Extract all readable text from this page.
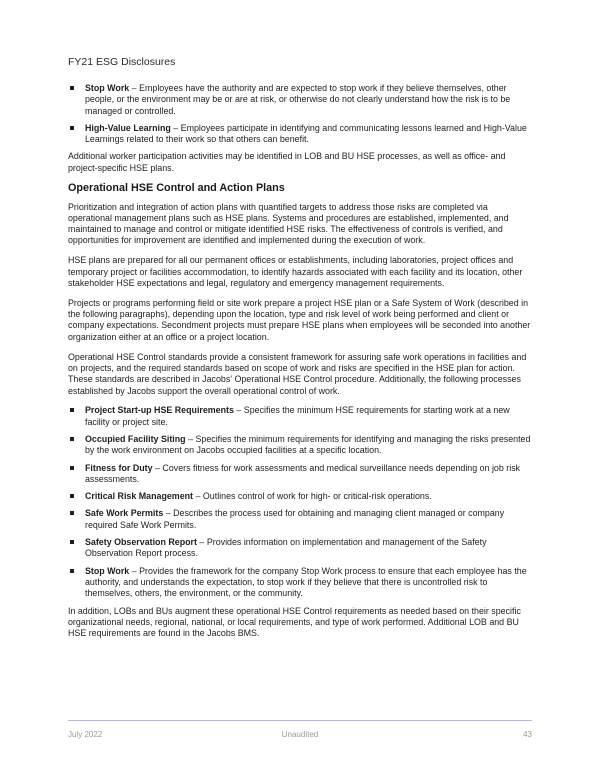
FY21 ESG Disclosures
Stop Work – Employees have the authority and are expected to stop work if they believe themselves, other people, or the environment may be or are at risk, or otherwise do not clearly understand how the risk is to be managed or controlled.
High-Value Learning – Employees participate in identifying and communicating lessons learned and High-Value Learnings related to their work so that others can benefit.

Additional worker participation activities may be identified in LOB and BU HSE processes, as well as office- and project-specific HSE plans.

Operational HSE Control and Action Plans

Prioritization and integration of action plans with quantified targets to address those risks are completed via operational management plans such as HSE plans. Systems and procedures are established, implemented, and maintained to manage and control or mitigate identified HSE risks. The effectiveness of controls is verified, and opportunities for improvement are identified and implemented during the execution of work.

HSE plans are prepared for all our permanent offices or establishments, including laboratories, project offices and temporary project or facilities accommodation, to identify hazards associated with each facility and its location, other stakeholder HSE expectations and legal, regulatory and emergency management requirements.

Projects or programs performing field or site work prepare a project HSE plan or a Safe System of Work (described in the following paragraphs), depending upon the location, type and risk level of work being performed and client or company expectations. Secondment projects must prepare HSE plans when employees will be seconded into another organization either at an office or a project location.

Operational HSE Control standards provide a consistent framework for assuring safe work operations in facilities and on projects, and the required standards based on scope of work and risks are specified in the HSE plan for action. These standards are described in Jacobs' Operational HSE Control procedure. Additionally, the following processes established by Jacobs support the overall operational control of work.

Project Start-up HSE Requirements – Specifies the minimum HSE requirements for starting work at a new facility or project site.
Occupied Facility Siting – Specifies the minimum requirements for identifying and managing the risks presented by the work environment on Jacobs occupied facilities at a specific location.
Fitness for Duty – Covers fitness for work assessments and medical surveillance needs depending on job risk assessments.
Critical Risk Management – Outlines control of work for high- or critical-risk operations.
Safe Work Permits – Describes the process used for obtaining and managing client managed or company required Safe Work Permits.
Safety Observation Report – Provides information on implementation and management of the Safety Observation Report process.
Stop Work – Provides the framework for the company Stop Work process to ensure that each employee has the authority, and understands the expectation, to stop work if they believe that there is uncontrolled risk to themselves, others, the environment, or the community.

In addition, LOBs and BUs augment these operational HSE Control requirements as needed based on their specific organizational needs, regional, national, or local requirements, and type of work performed. Additional LOB and BU HSE requirements are found in the Jacobs BMS.

July 2022	Unaudited	43
